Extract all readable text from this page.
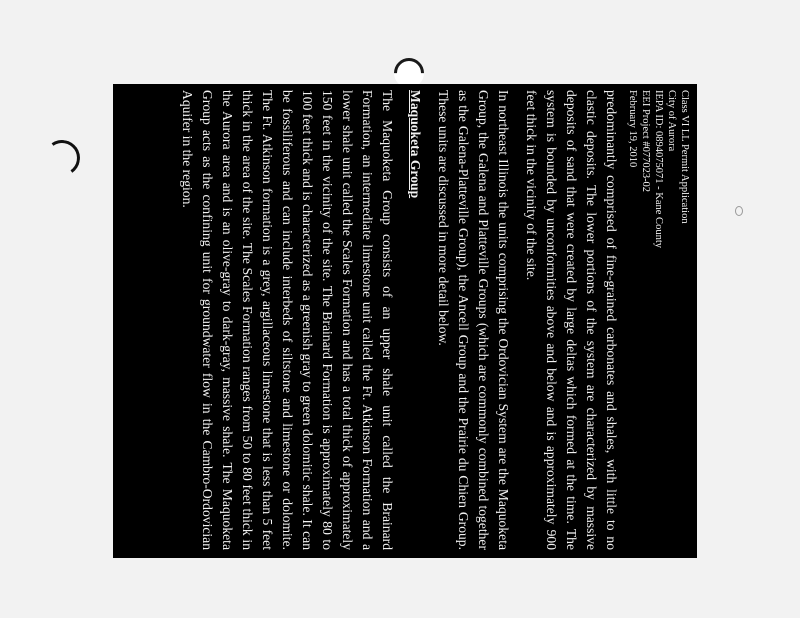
Class VI LL Permit Application
City of Aurora
IEPA ID: 0894075071 - Kane County
EEI Project #077023-02
February 19, 2010

predominantly comprised of fine-grained carbonates and shales, with little to no clastic deposits. The lower portions of the system are characterized by massive deposits of sand that were created by large deltas which formed at the time. The system is bounded by unconformities above and below and is approximately 900 feet thick in the vicinity of the site.

In northeast Illinois the units comprising the Ordovician System are the Maquoketa Group, the Galena and Platteville Groups (which are commonly combined together as the Galena-Platteville Group), the Ancell Group and the Prairie du Chien Group. These units are discussed in more detail below.

Maquoketa Group

The Maquoketa Group consists of an upper shale unit called the Brainard Formation, an intermediate limestone unit called the Ft. Atkinson Formation and a lower shale unit called the Scales Formation and has a total thick of approximately 150 feet in the vicinity of the site. The Brainard Formation is approximately 80 to 100 feet thick and is characterized as a greenish gray to green dolomitic shale. It can be fossiliferous and can include interbeds of siltstone and limestone or dolomite. The Ft. Atkinson formation is a grey, argillaceous limestone that is less than 5 feet thick in the area of the site. The Scales Formation ranges from 50 to 80 feet thick in the Aurora area and is an olive-gray to dark-gray, massive shale. The Maquoketa Group acts as the confining unit for groundwater flow in the Cambro-Ordovician Aquifer in the region.
